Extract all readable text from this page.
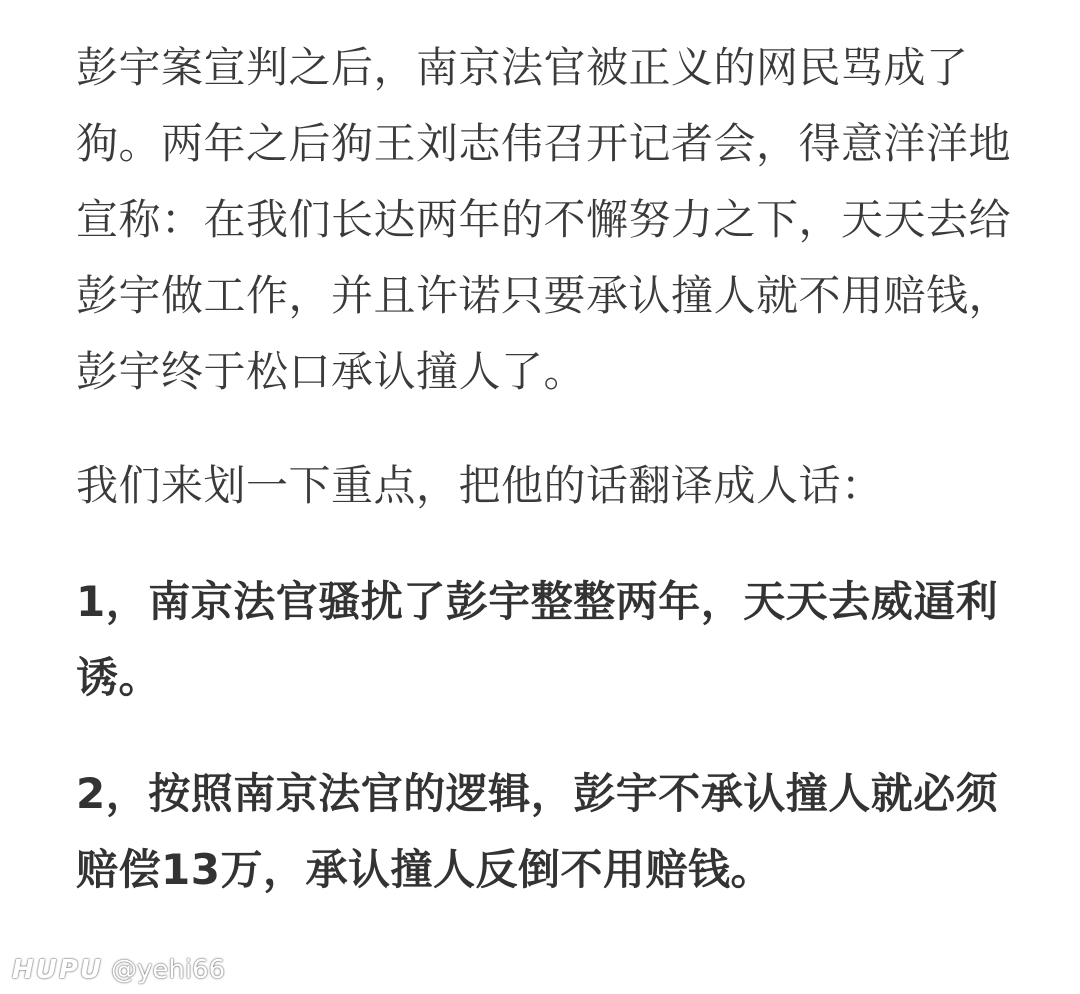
彭宇案宣判之后，南京法官被正义的网民骂成了狗。两年之后狗王刘志伟召开记者会，得意洋洋地宣称：在我们长达两年的不懈努力之下，天天去给彭宇做工作，并且许诺只要承认撞人就不用赔钱，彭宇终于松口承认撞人了。

我们来划一下重点，把他的话翻译成人话：

1，南京法官骚扰了彭宇整整两年，天天去威逼利诱。

2，按照南京法官的逻辑，彭宇不承认撞人就必须赔偿13万，承认撞人反倒不用赔钱。

HUPU @yehi66
